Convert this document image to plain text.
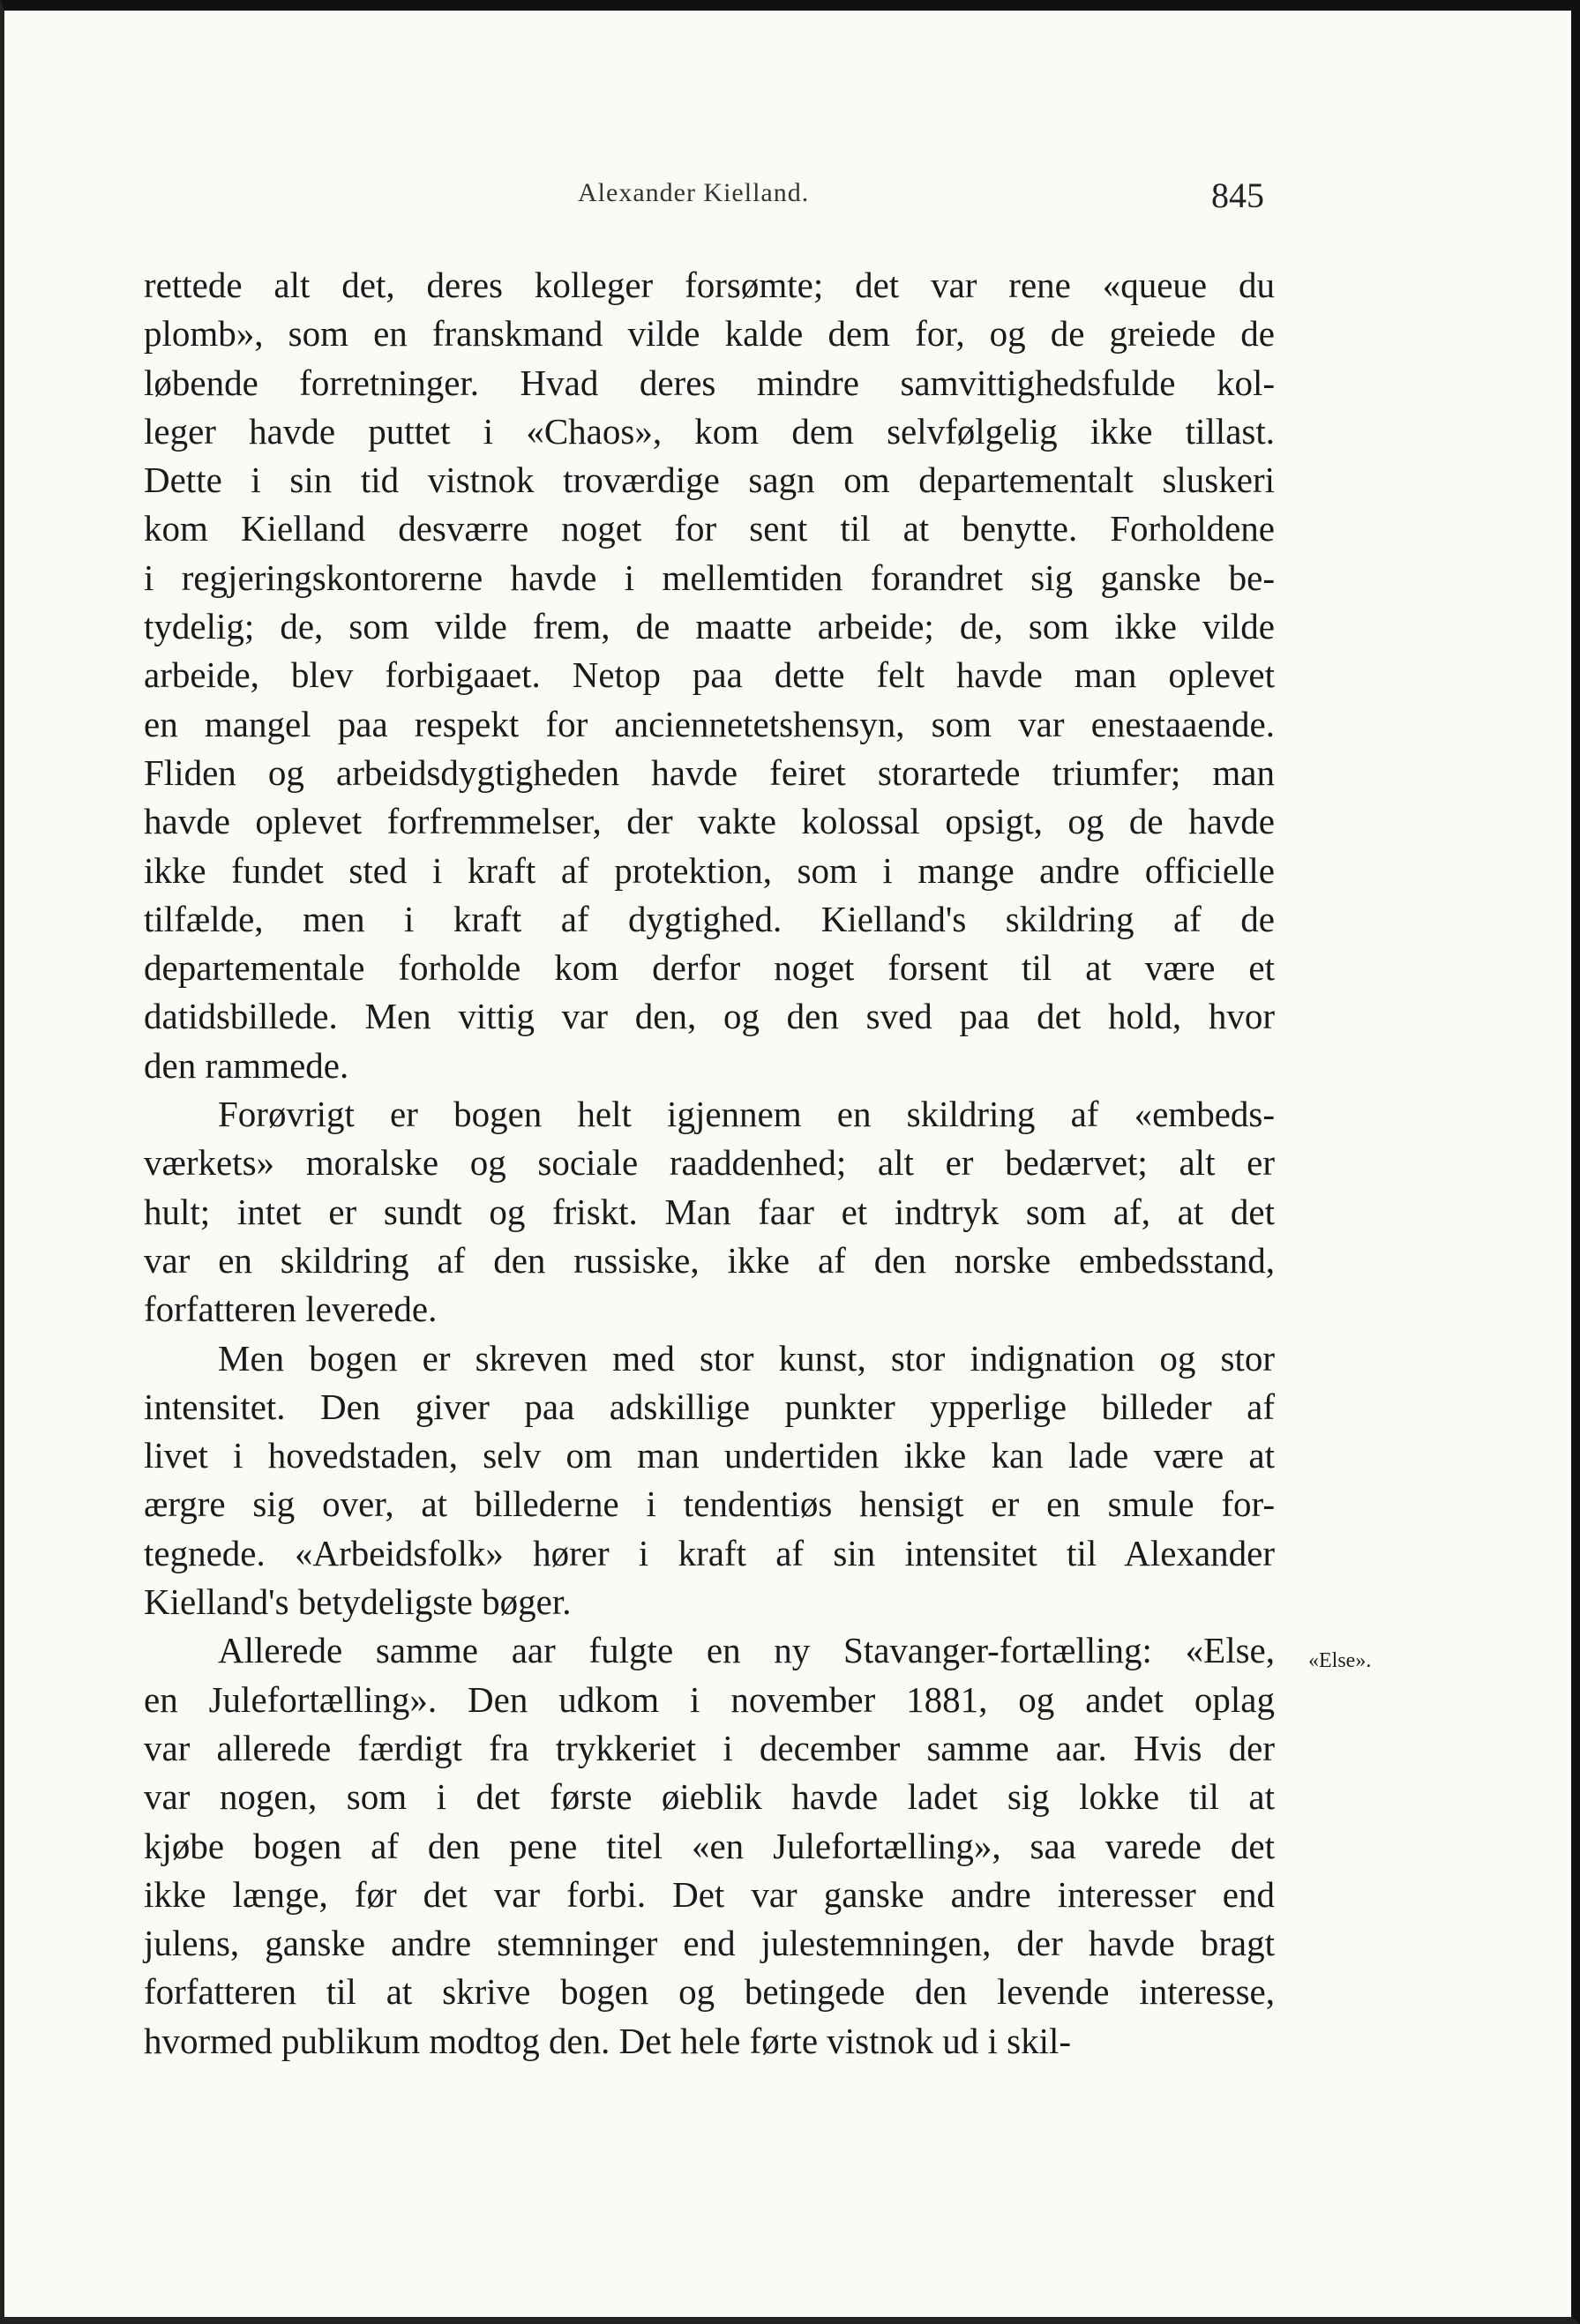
Alexander Kielland.	845
«Else».
rettede alt det, deres kolleger forsømte; det var rene «queue du
plomb», som en franskmand vilde kalde dem for, og de greiede de
løbende forretninger. Hvad deres mindre samvittighedsfulde kol-
leger havde puttet i «Chaos», kom dem selvfølgelig ikke tillast.
Dette i sin tid vistnok troværdige sagn om departementalt sluskeri
kom Kielland desværre noget for sent til at benytte. Forholdene
i regjeringskontorerne havde i mellemtiden forandret sig ganske be-
tydelig; de, som vilde frem, de maatte arbeide; de, som ikke vilde
arbeide, blev forbigaaet. Netop paa dette felt havde man oplevet
en mangel paa respekt for anciennetetshensyn, som var enestaaende.
Fliden og arbeidsdygtigheden havde feiret storartede triumfer; man
havde oplevet forfremmelser, der vakte kolossal opsigt, og de havde
ikke fundet sted i kraft af protektion, som i mange andre officielle
tilfælde, men i kraft af dygtighed. Kielland's skildring af de
departementale forholde kom derfor noget forsent til at være et
datidsbillede. Men vittig var den, og den sved paa det hold, hvor
den rammede.
Forøvrigt er bogen helt igjennem en skildring af «embeds-
værkets» moralske og sociale raaddenhed; alt er bedærvet; alt er
hult; intet er sundt og friskt. Man faar et indtryk som af, at det
var en skildring af den russiske, ikke af den norske embedsstand,
forfatteren leverede.
Men bogen er skreven med stor kunst, stor indignation og stor
intensitet. Den giver paa adskillige punkter ypperlige billeder af
livet i hovedstaden, selv om man undertiden ikke kan lade være at
ærgre sig over, at billederne i tendentiøs hensigt er en smule for-
tegnede. «Arbeidsfolk» hører i kraft af sin intensitet til Alexander
Kielland's betydeligste bøger.
Allerede samme aar fulgte en ny Stavanger-fortælling: «Else,
en Julefortælling». Den udkom i november 1881, og andet oplag
var allerede færdigt fra trykkeriet i december samme aar. Hvis der
var nogen, som i det første øieblik havde ladet sig lokke til at
kjøbe bogen af den pene titel «en Julefortælling», saa varede det
ikke længe, før det var forbi. Det var ganske andre interesser end
julens, ganske andre stemninger end julestemningen, der havde bragt
forfatteren til at skrive bogen og betingede den levende interesse,
hvormed publikum modtog den. Det hele førte vistnok ud i skil-
